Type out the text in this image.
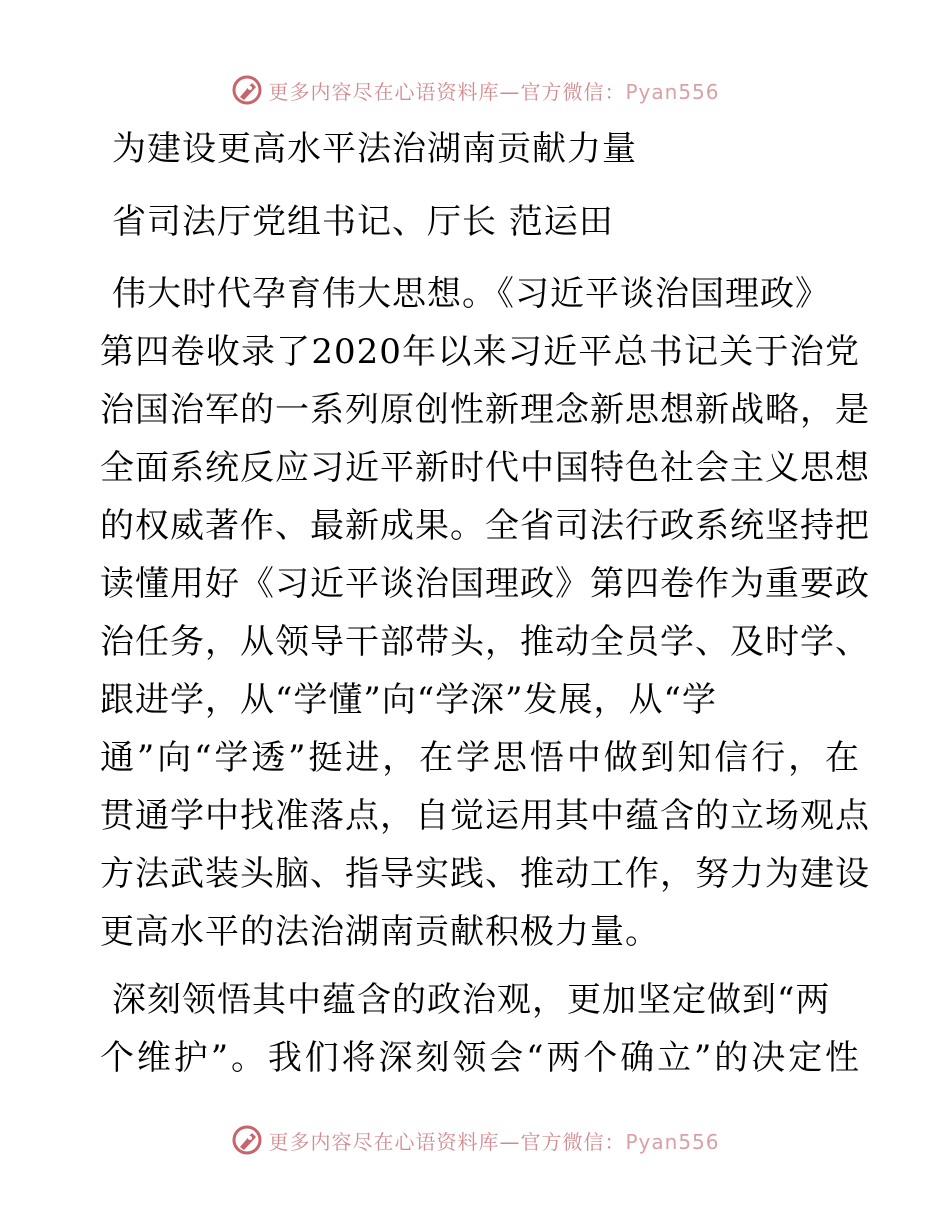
更多内容尽在心语资料库—官方微信：Pyan556

为建设更高水平法治湖南贡献力量

省司法厅党组书记、厅长 范运田

伟大时代孕育伟大思想。《习近平谈治国理政》
第四卷收录了2020年以来习近平总书记关于治党
治国治军的一系列原创性新理念新思想新战略，是
全面系统反应习近平新时代中国特色社会主义思想
的权威著作、最新成果。全省司法行政系统坚持把
读懂用好《习近平谈治国理政》第四卷作为重要政
治任务，从领导干部带头，推动全员学、及时学、
跟进学，从“学懂”向“学深”发展，从“学
通”向“学透”挺进，在学思悟中做到知信行，在
贯通学中找准落点，自觉运用其中蕴含的立场观点
方法武装头脑、指导实践、推动工作，努力为建设
更高水平的法治湖南贡献积极力量。
深刻领悟其中蕴含的政治观，更加坚定做到“两
个维护”。我们将深刻领会“两个确立”的决定性
更多内容尽在心语资料库—官方微信：Pyan556
